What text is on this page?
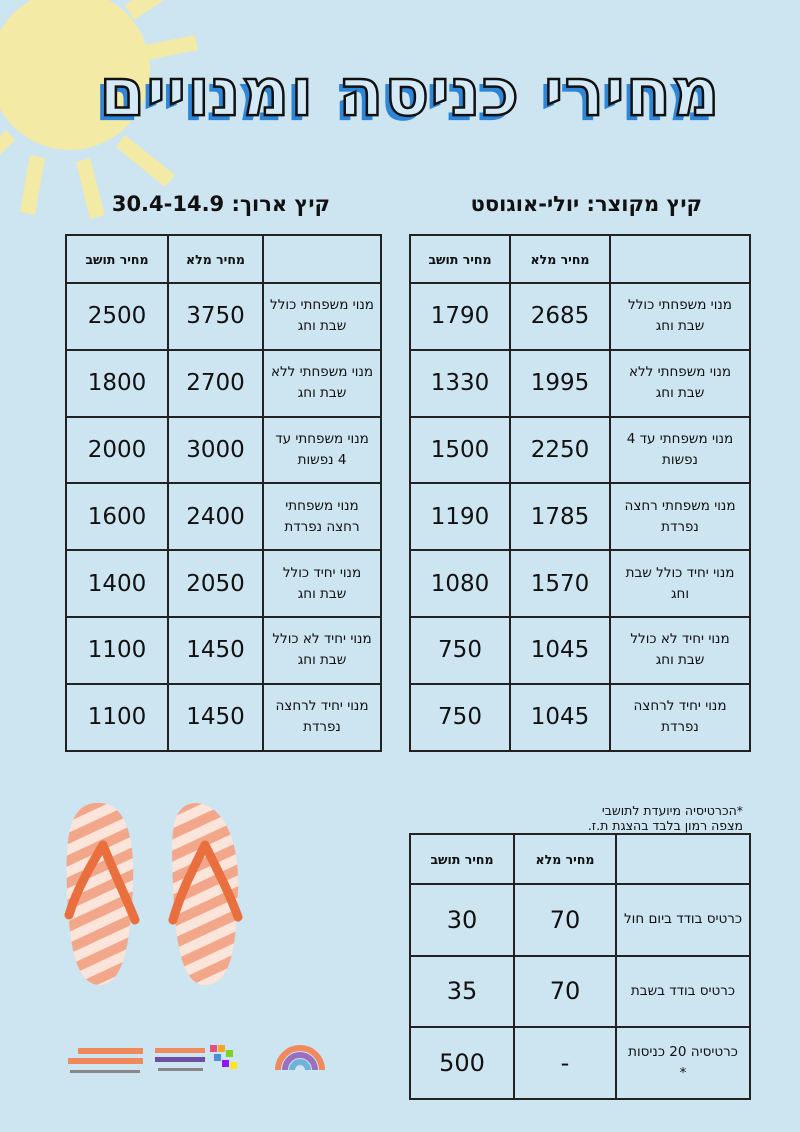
מחירי כניסה ומנויים
קיץ מקוצר: יולי-אוגוסט
מחיר תושב	מחיר מלא	
1790	2685	מנוי משפחתי כולל שבת וחג
1330	1995	מנוי משפחתי ללא שבת וחג
1500	2250	מנוי משפחתי עד 4 נפשות
1190	1785	מנוי משפחתי רחצה נפרדת
1080	1570	מנוי יחיד כולל שבת וחג
750	1045	מנוי יחיד לא כולל שבת וחג
750	1045	מנוי יחיד לרחצה נפרדת
קיץ ארוך: 30.4-14.9
מחיר תושב	מחיר מלא	
2500	3750	מנוי משפחתי כולל שבת וחג
1800	2700	מנוי משפחתי ללא שבת וחג
2000	3000	מנוי משפחתי עד 4 נפשות
1600	2400	מנוי משפחתי רחצה נפרדת
1400	2050	מנוי יחיד כולל שבת וחג
1100	1450	מנוי יחיד לא כולל שבת וחג
1100	1450	מנוי יחיד לרחצה נפרדת
*הכרטיסיה מיועדת לתושבי
מצפה רמון בלבד בהצגת ת.ז.
מחיר תושב	מחיר מלא	
30	70	כרטיס בודד ביום חול
35	70	כרטיס בודד בשבת
500	-	כרטיסיה 20 כניסות *
